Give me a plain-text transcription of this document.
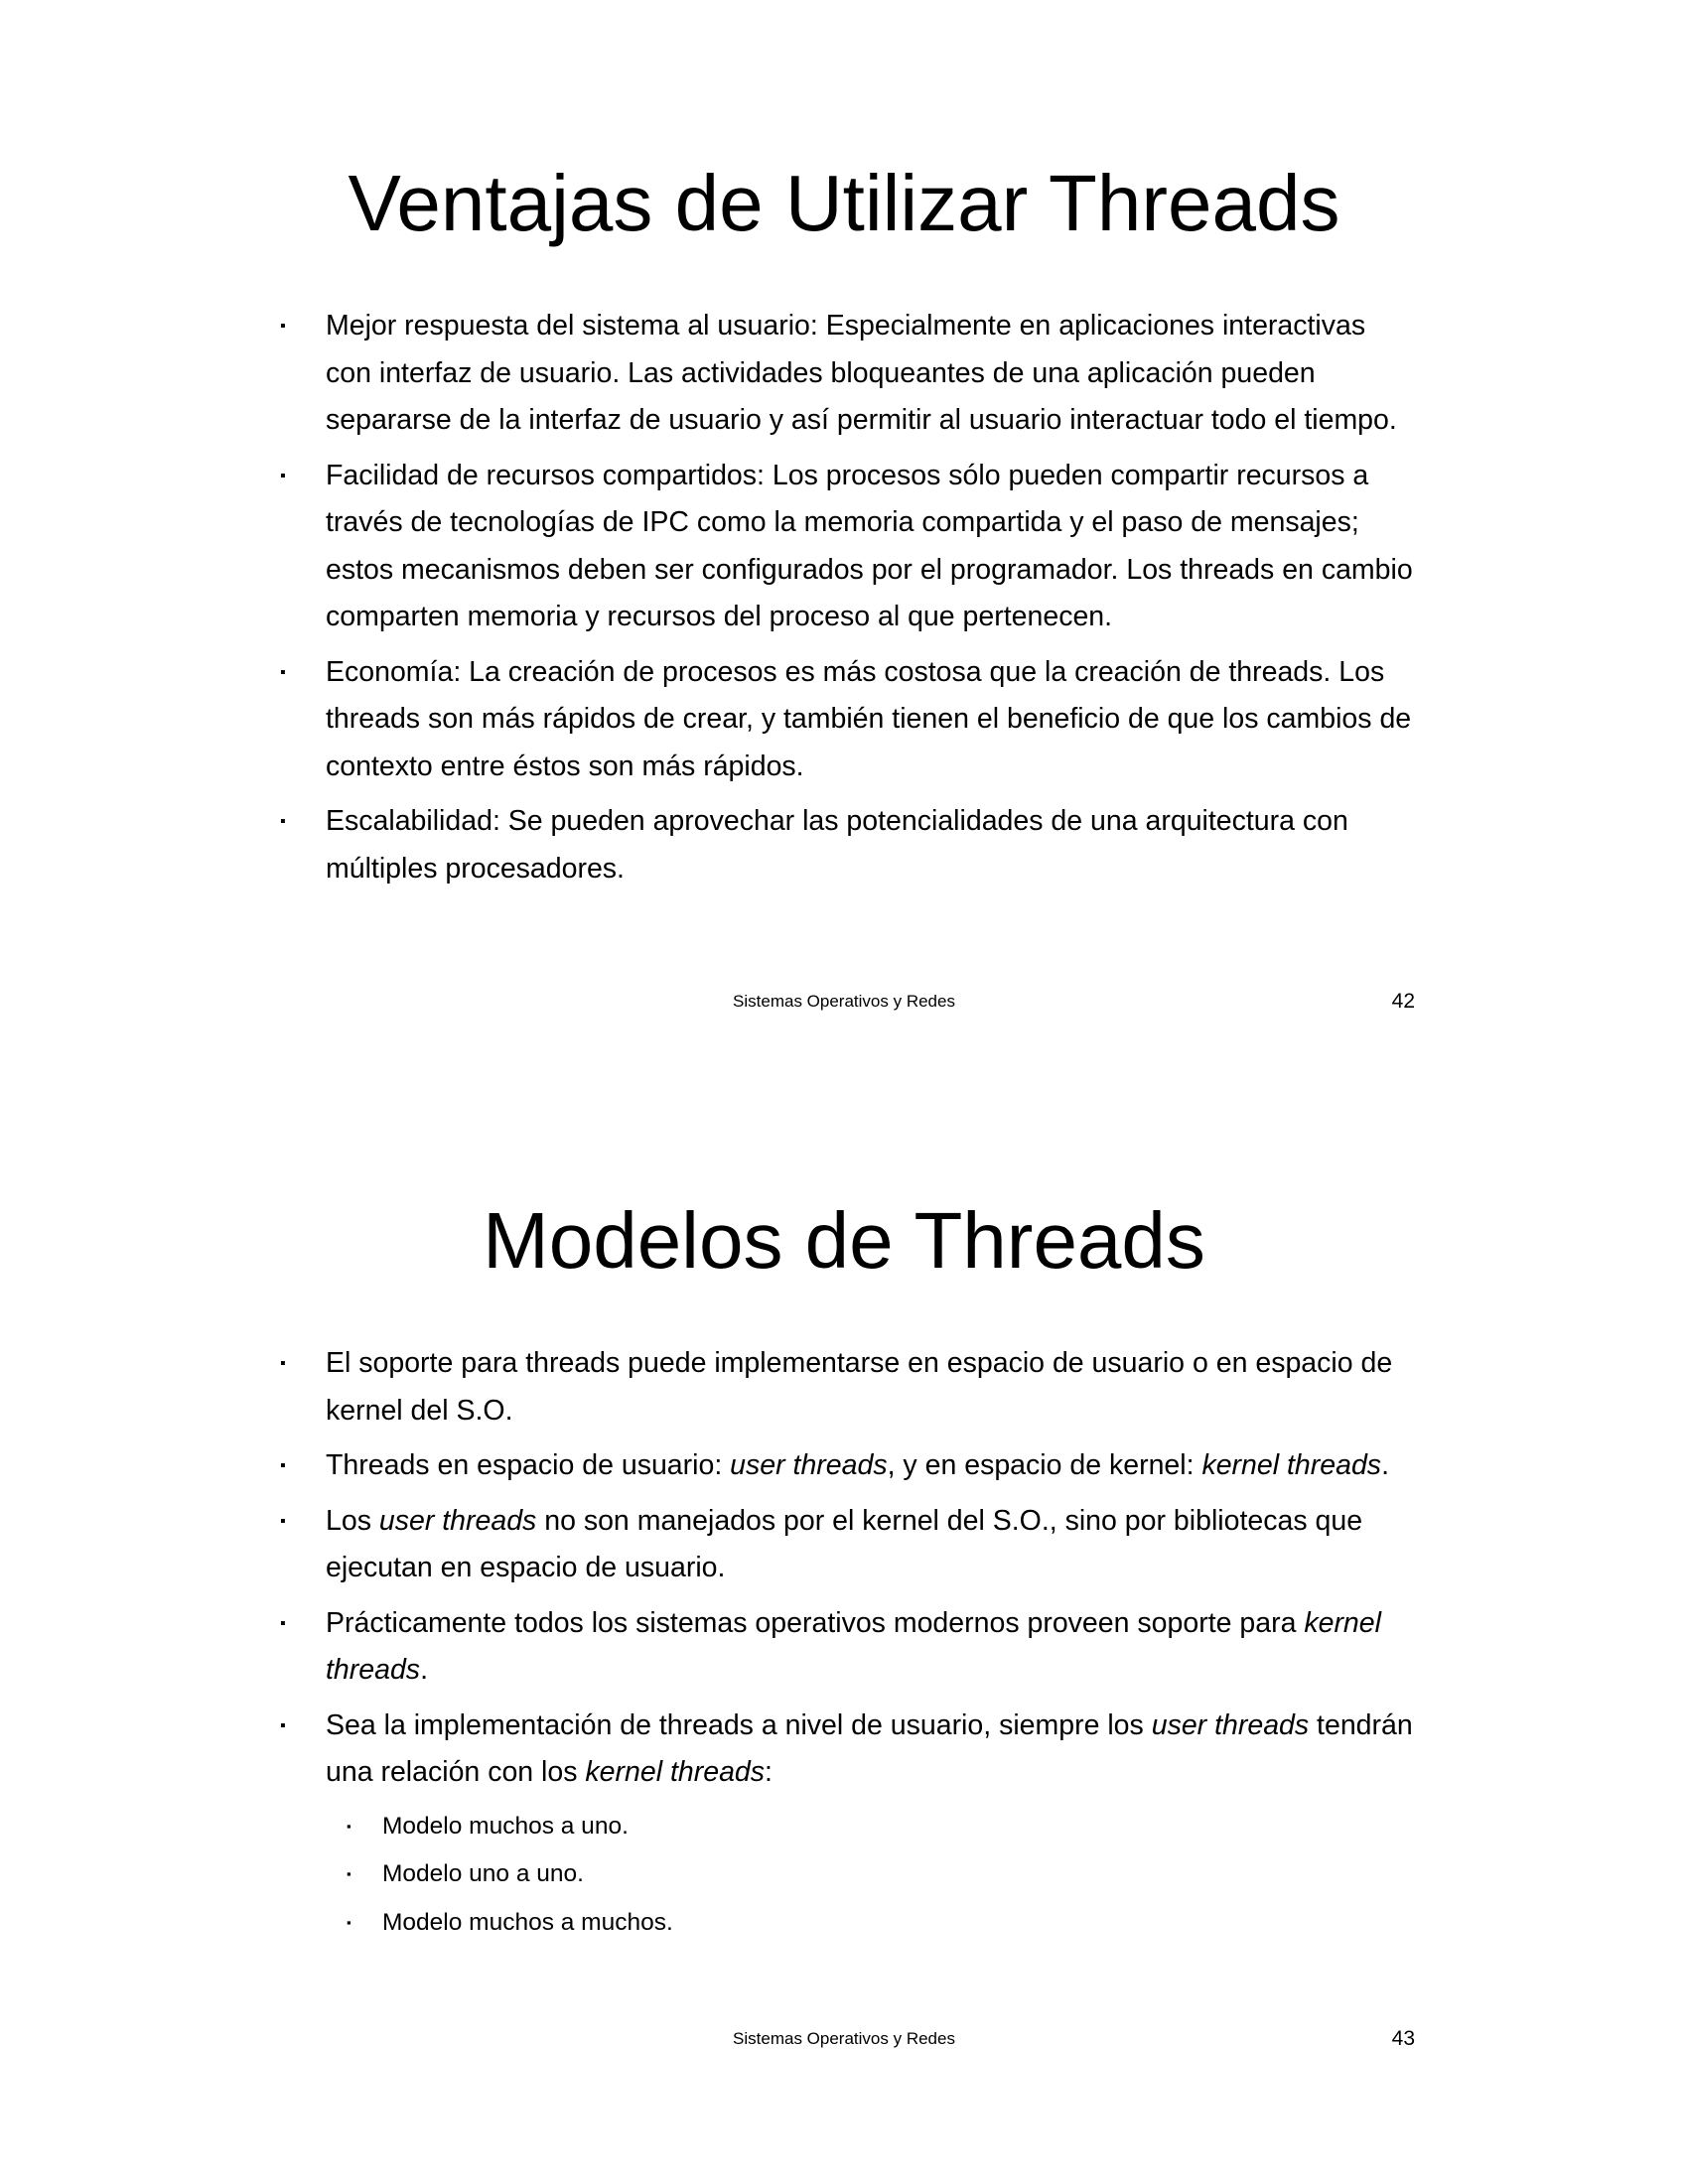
Ventajas de Utilizar Threads
▪ Mejor respuesta del sistema al usuario: Especialmente en aplicaciones interactivas con interfaz de usuario. Las actividades bloqueantes de una aplicación pueden separarse de la interfaz de usuario y así permitir al usuario interactuar todo el tiempo.
▪ Facilidad de recursos compartidos: Los procesos sólo pueden compartir recursos a través de tecnologías de IPC como la memoria compartida y el paso de mensajes; estos mecanismos deben ser configurados por el programador. Los threads en cambio comparten memoria y recursos del proceso al que pertenecen.
▪ Economía: La creación de procesos es más costosa que la creación de threads. Los threads son más rápidos de crear, y también tienen el beneficio de que los cambios de contexto entre éstos son más rápidos.
▪ Escalabilidad: Se pueden aprovechar las potencialidades de una arquitectura con múltiples procesadores.
Sistemas Operativos y Redes	42
Modelos de Threads
▪ El soporte para threads puede implementarse en espacio de usuario o en espacio de kernel del S.O.
▪ Threads en espacio de usuario: user threads, y en espacio de kernel: kernel threads.
▪ Los user threads no son manejados por el kernel del S.O., sino por bibliotecas que ejecutan en espacio de usuario.
▪ Prácticamente todos los sistemas operativos modernos proveen soporte para kernel threads.
▪ Sea la implementación de threads a nivel de usuario, siempre los user threads tendrán una relación con los kernel threads:
▪ Modelo muchos a uno.
▪ Modelo uno a uno.
▪ Modelo muchos a muchos.
Sistemas Operativos y Redes	43
